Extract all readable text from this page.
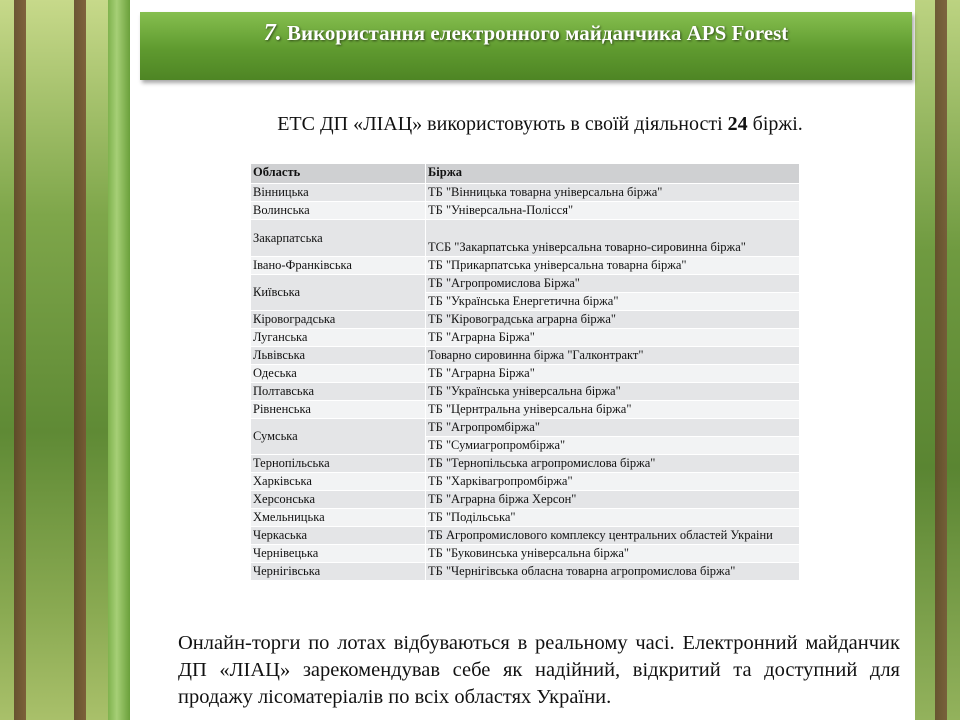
7. Використання електронного майданчика APS Forest
ЕТС ДП «ЛІАЦ» використовують в своїй діяльності 24 біржі.
Область	Біржа
Вінницька	ТБ "Вінницька товарна універсальна біржа"
Волинська	ТБ "Універсальна-Полісся"
Закарпатська	ТСБ "Закарпатська універсальна товарно-сировинна біржа"
Івано-Франківська	ТБ "Прикарпатська універсальна товарна біржа"
Київська	ТБ "Агропромислова Біржа"
	ТБ "Українська Енергетична біржа"
Кіровоградська	ТБ "Кіровоградська аграрна біржа"
Луганська	ТБ "Аграрна Біржа"
Львівська	Товарно сировинна біржа "Галконтракт"
Одеська	ТБ "Аграрна Біржа"
Полтавська	ТБ "Українська універсальна біржа"
Рівненська	ТБ "Цернтральна універсальна біржа"
Сумська	ТБ "Агропромбіржа"
	ТБ "Сумиагропромбіржа"
Тернопільська	ТБ "Тернопільська агропромислова біржа"
Харківська	ТБ "Харківагропромбіржа"
Херсонська	ТБ "Аграрна біржа Херсон"
Хмельницька	ТБ "Подільська"
Черкаська	ТБ Агропромислового комплексу центральних областей Украіни
Чернівецька	ТБ "Буковинська універсальна біржа"
Чернігівська	ТБ "Чернігівська обласна товарна агропромислова біржа"
Онлайн-торги по лотах відбуваються в реальному часі. Електронний майданчик ДП «ЛІАЦ» зарекомендував себе як надійний, відкритий та доступний для продажу лісоматеріалів по всіх областях України.
